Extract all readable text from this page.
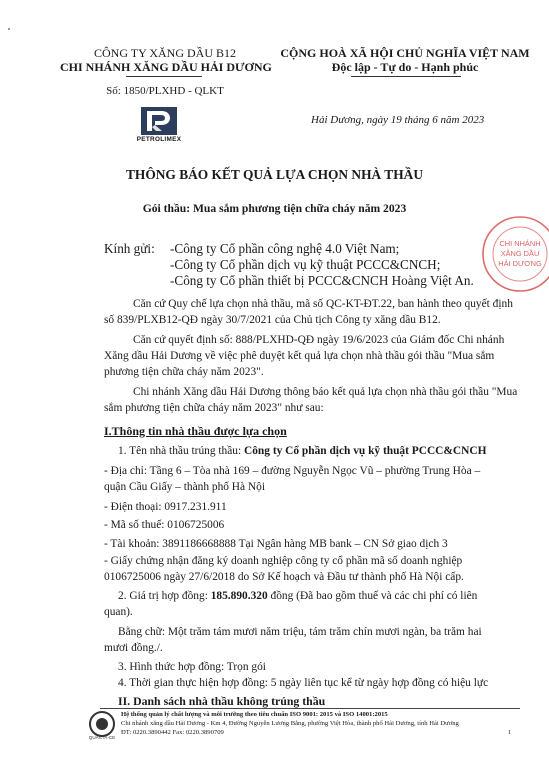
CÔNG TY XĂNG DẦU B12
CHI NHÁNH XĂNG DẦU HẢI DƯƠNG
Số: 1850/PLXHD - QLKT
PETROLIMEX
CỘNG HOÀ XÃ HỘI CHỦ NGHĨA VIỆT NAM
Độc lập - Tự do - Hạnh phúc
Hải Dương, ngày 19 tháng 6 năm 2023
THÔNG BÁO KẾT QUẢ LỰA CHỌN NHÀ THẦU
Gói thầu: Mua sắm phương tiện chữa cháy năm 2023
Kính gửi: -Công ty Cổ phần công nghệ 4.0 Việt Nam;
-Công ty Cổ phần dịch vụ kỹ thuật PCCC&CNCH;
-Công ty Cổ phần thiết bị PCCC&CNCH Hoàng Việt An.
CHI NHÁNH
XĂNG DẦU
HẢI DƯƠNG
Căn cứ Quy chế lựa chọn nhà thầu, mã số QC-KT-ĐT.22, ban hành theo quyết định
số 839/PLXB12-QĐ ngày 30/7/2021 của Chủ tịch Công ty xăng dầu B12.
Căn cứ quyết định số: 888/PLXHD-QĐ ngày 19/6/2023 của Giám đốc Chi nhánh
Xăng dầu Hải Dương về việc phê duyệt kết quả lựa chọn nhà thầu gói thầu "Mua sắm
phương tiện chữa cháy năm 2023".
Chi nhánh Xăng dầu Hải Dương thông báo kết quả lựa chọn nhà thầu gói thầu "Mua
sắm phương tiện chữa cháy năm 2023" như sau:
I.Thông tin nhà thầu được lựa chọn
1. Tên nhà thầu trúng thầu: Công ty Cổ phần dịch vụ kỹ thuật PCCC&CNCH
- Địa chỉ: Tầng 6 – Tòa nhà 169 – đường Nguyễn Ngọc Vũ – phường Trung Hòa –
quận Cầu Giấy – thành phố Hà Nội
- Điện thoại: 0917.231.911
- Mã số thuế: 0106725006
- Tài khoản: 3891186668888 Tại Ngân hàng MB bank – CN Sở giao dịch 3
- Giấy chứng nhận đăng ký doanh nghiệp công ty cổ phần mã số doanh nghiệp
0106725006 ngày 27/6/2018 do Sở Kế hoạch và Đầu tư thành phố Hà Nội cấp.
2. Giá trị hợp đồng: 185.890.320 đồng (Đã bao gồm thuế và các chi phí có liên
quan).
Bằng chữ: Một trăm tám mươi năm triệu, tám trăm chín mươi ngàn, ba trăm hai
mươi đồng./.
3. Hình thức hợp đồng: Trọn gói
4. Thời gian thực hiện hợp đồng: 5 ngày liên tục kể từ ngày hợp đồng có hiệu lực
II. Danh sách nhà thầu không trúng thầu
QUASTA-CE
Hệ thống quản lý chất lượng và môi trường theo tiêu chuẩn ISO 9001: 2015 và ISO 14001:2015
Chi nhánh xăng dầu Hải Dương - Km 4, Đường Nguyễn Lương Bằng, phường Việt Hòa, thành phố Hải Dương, tỉnh Hải Dương
ĐT: 0220.3890442 Fax: 0220.3890709	1
